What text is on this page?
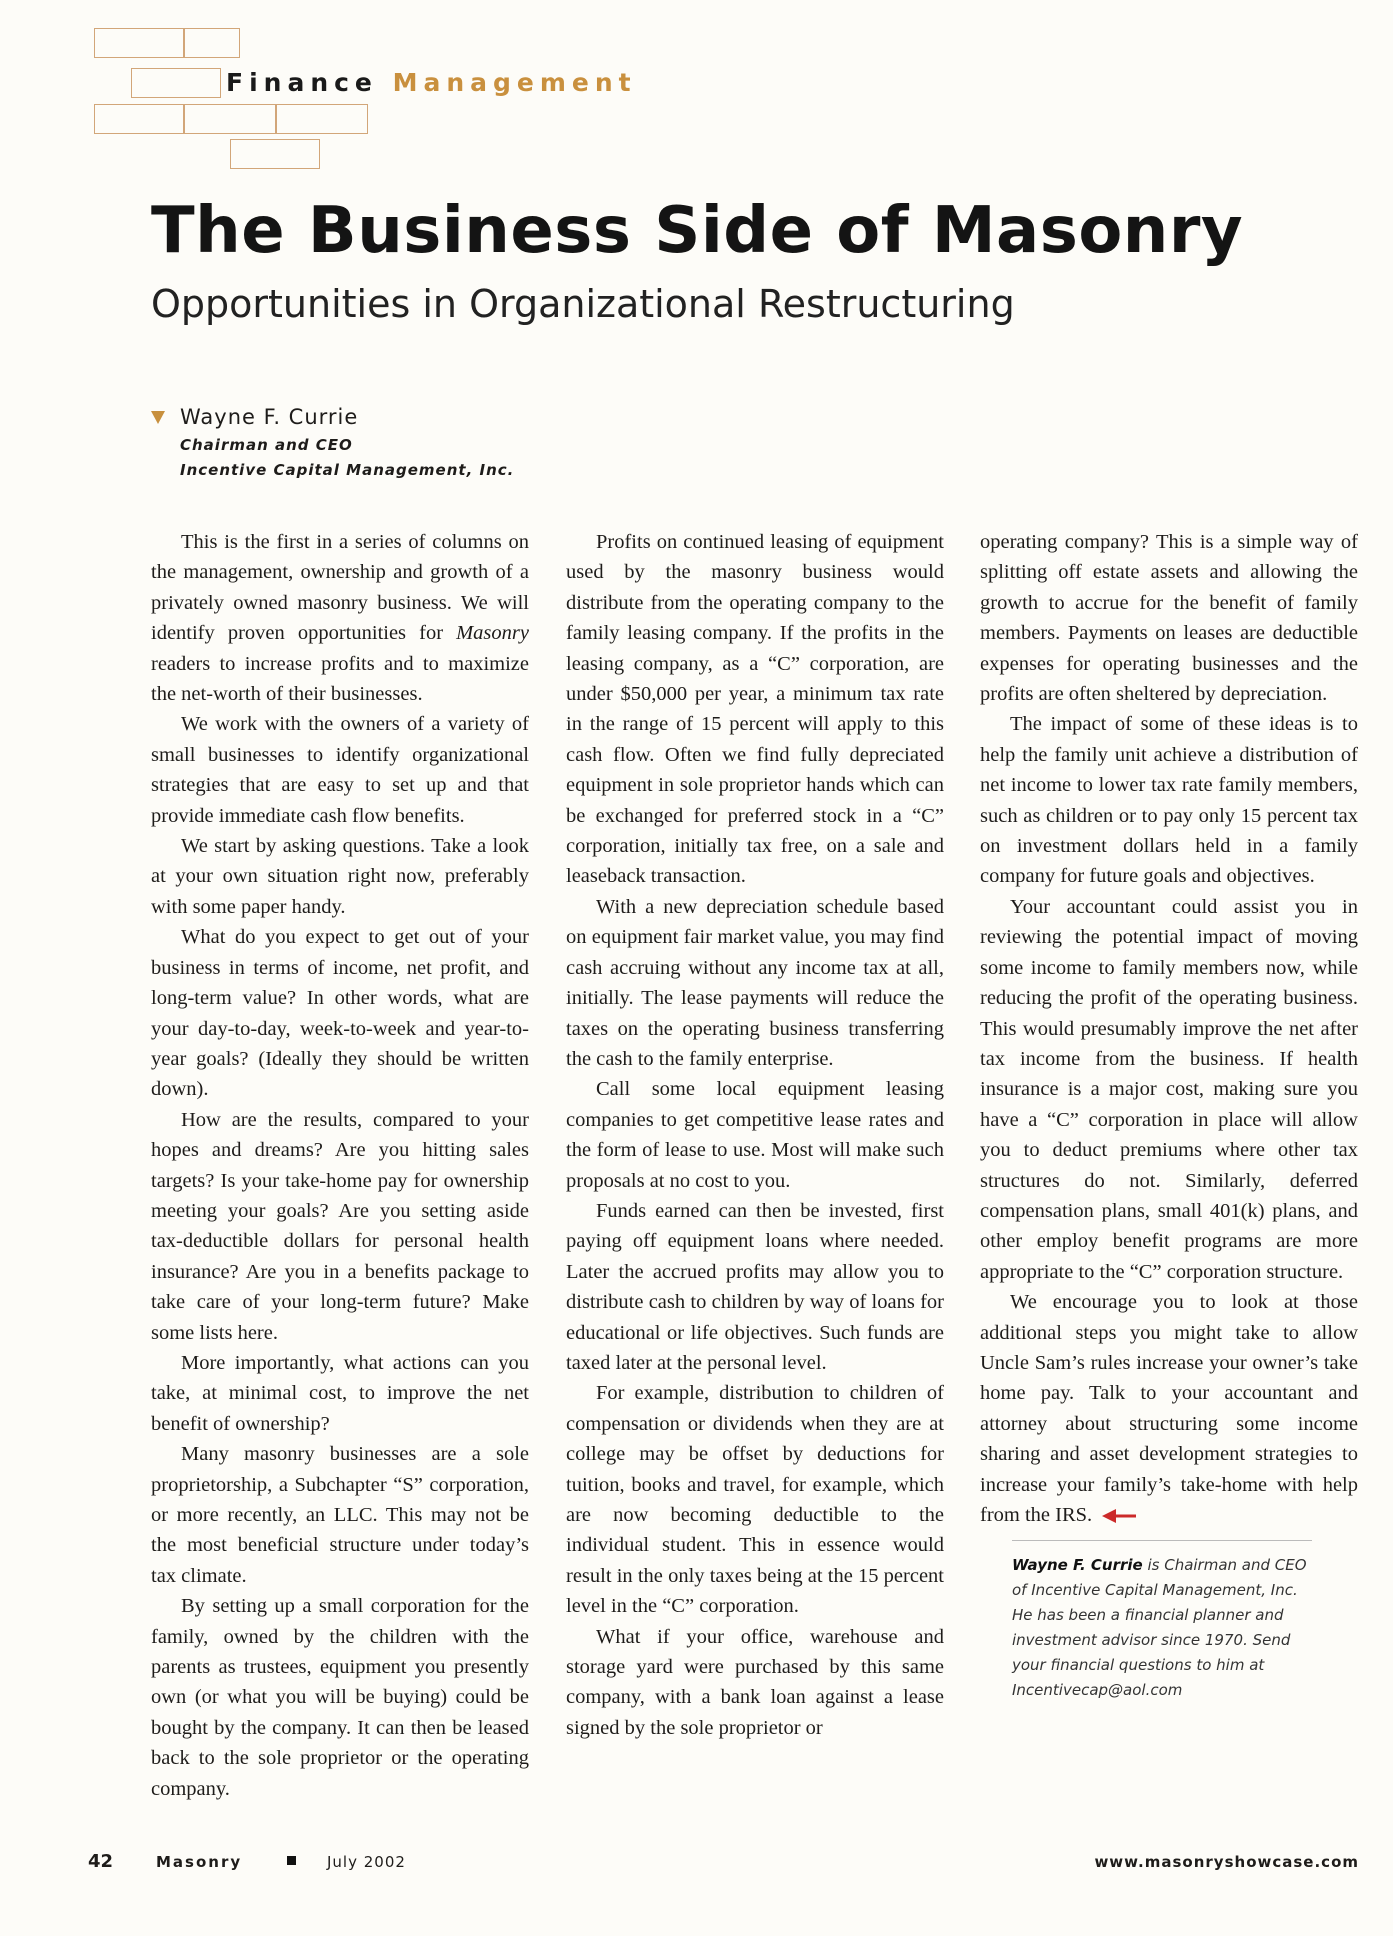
Finance Management
The Business Side of Masonry
Opportunities in Organizational Restructuring
Wayne F. Currie
Chairman and CEO
Incentive Capital Management, Inc.

This is the first in a series of columns on the management, ownership and growth of a privately owned masonry business. We will identify proven opportunities for Masonry readers to increase profits and to maximize the net-worth of their businesses.

We work with the owners of a variety of small businesses to identify organizational strategies that are easy to set up and that provide immediate cash flow benefits.

We start by asking questions. Take a look at your own situation right now, preferably with some paper handy.

What do you expect to get out of your business in terms of income, net profit, and long-term value? In other words, what are your day-to-day, week-to-week and year-to-year goals? (Ideally they should be written down).

How are the results, compared to your hopes and dreams? Are you hitting sales targets? Is your take-home pay for ownership meeting your goals? Are you setting aside tax-deductible dollars for personal health insurance? Are you in a benefits package to take care of your long-term future? Make some lists here.

More importantly, what actions can you take, at minimal cost, to improve the net benefit of ownership?

Many masonry businesses are a sole proprietorship, a Subchapter “S” corporation, or more recently, an LLC. This may not be the most beneficial structure under today’s tax climate.

By setting up a small corporation for the family, owned by the children with the parents as trustees, equipment you presently own (or what you will be buying) could be bought by the company. It can then be leased back to the sole proprietor or the operating company.

Profits on continued leasing of equipment used by the masonry business would distribute from the operating company to the family leasing company. If the profits in the leasing company, as a “C” corporation, are under $50,000 per year, a minimum tax rate in the range of 15 percent will apply to this cash flow. Often we find fully depreciated equipment in sole proprietor hands which can be exchanged for preferred stock in a “C” corporation, initially tax free, on a sale and leaseback transaction.

With a new depreciation schedule based on equipment fair market value, you may find cash accruing without any income tax at all, initially. The lease payments will reduce the taxes on the operating business transferring the cash to the family enterprise.

Call some local equipment leasing companies to get competitive lease rates and the form of lease to use. Most will make such proposals at no cost to you.

Funds earned can then be invested, first paying off equipment loans where needed. Later the accrued profits may allow you to distribute cash to children by way of loans for educational or life objectives. Such funds are taxed later at the personal level.

For example, distribution to children of compensation or dividends when they are at college may be offset by deductions for tuition, books and travel, for example, which are now becoming deductible to the individual student. This in essence would result in the only taxes being at the 15 percent level in the “C” corporation.

What if your office, warehouse and storage yard were purchased by this same company, with a bank loan against a lease signed by the sole proprietor or

operating company? This is a simple way of splitting off estate assets and allowing the growth to accrue for the benefit of family members. Payments on leases are deductible expenses for operating businesses and the profits are often sheltered by depreciation.

The impact of some of these ideas is to help the family unit achieve a distribution of net income to lower tax rate family members, such as children or to pay only 15 percent tax on investment dollars held in a family company for future goals and objectives.

Your accountant could assist you in reviewing the potential impact of moving some income to family members now, while reducing the profit of the operating business. This would presumably improve the net after tax income from the business. If health insurance is a major cost, making sure you have a “C” corporation in place will allow you to deduct premiums where other tax structures do not. Similarly, deferred compensation plans, small 401(k) plans, and other employ benefit programs are more appropriate to the “C” corporation structure.

We encourage you to look at those additional steps you might take to allow Uncle Sam’s rules increase your owner’s take home pay. Talk to your accountant and attorney about structuring some income sharing and asset development strategies to increase your family’s take-home with help from the IRS.

Wayne F. Currie is Chairman and CEO of Incentive Capital Management, Inc. He has been a financial planner and investment advisor since 1970. Send your financial questions to him at Incentivecap@aol.com
42	Masonry	July 2002	www.masonryshowcase.com
